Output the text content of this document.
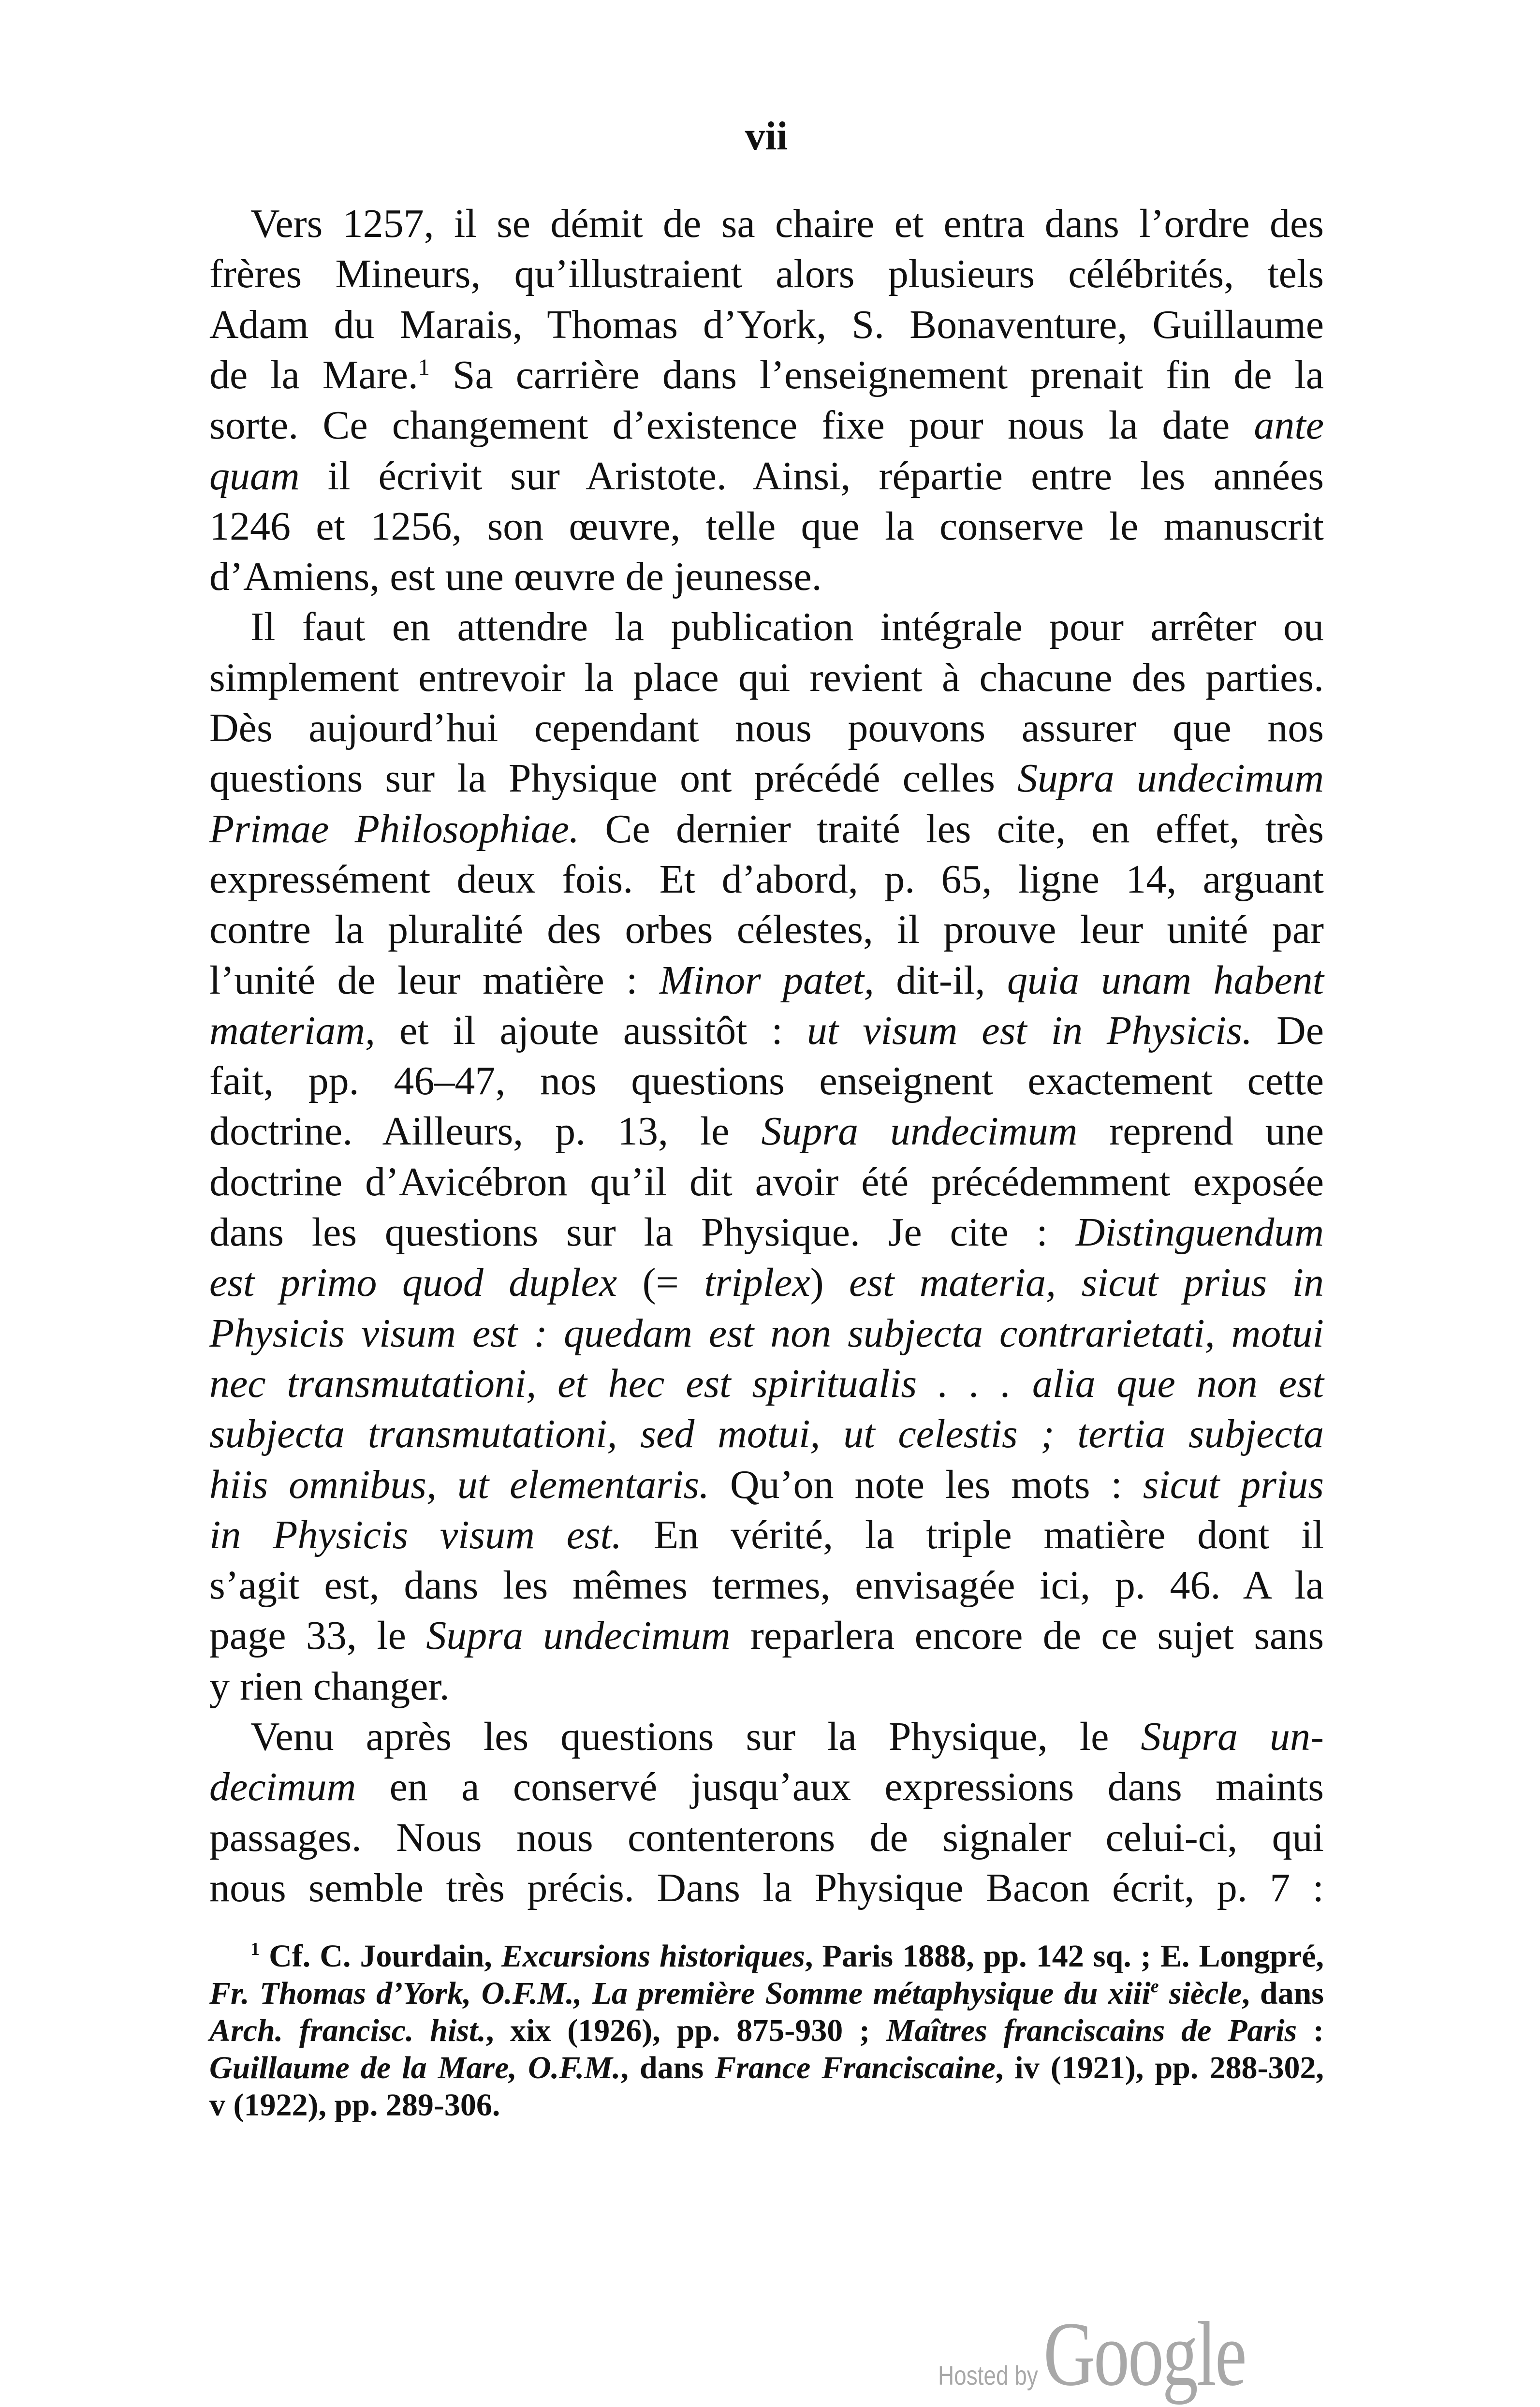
vii
Vers 1257, il se démit de sa chaire et entra dans l’ordre des
frères Mineurs, qu’illustraient alors plusieurs célébrités, tels
Adam du Marais, Thomas d’York, S. Bonaventure, Guillaume
de la Mare.$^1$ Sa carrière dans l’enseignement prenait fin de la
sorte. Ce changement d’existence fixe pour nous la date ante
quam il écrivit sur Aristote. Ainsi, répartie entre les années
1246 et 1256, son œuvre, telle que la conserve le manuscrit
d’Amiens, est une œuvre de jeunesse.
Il faut en attendre la publication intégrale pour arrêter ou
simplement entrevoir la place qui revient à chacune des parties.
Dès aujourd’hui cependant nous pouvons assurer que nos
questions sur la Physique ont précédé celles Supra undecimum
Primae Philosophiae. Ce dernier traité les cite, en effet, très
expressément deux fois. Et d’abord, p. 65, ligne 14, arguant
contre la pluralité des orbes célestes, il prouve leur unité par
l’unité de leur matière : Minor patet, dit-il, quia unam habent
materiam, et il ajoute aussitôt : ut visum est in Physicis. De
fait, pp. 46–47, nos questions enseignent exactement cette
doctrine. Ailleurs, p. 13, le Supra undecimum reprend une
doctrine d’Avicébron qu’il dit avoir été précédemment exposée
dans les questions sur la Physique. Je cite : Distinguendum
est primo quod duplex (= triplex) est materia, sicut prius in
Physicis visum est : quedam est non subjecta contrarietati, motui
nec transmutationi, et hec est spiritualis . . . alia que non est
subjecta transmutationi, sed motui, ut celestis ; tertia subjecta
hiis omnibus, ut elementaris. Qu’on note les mots : sicut prius
in Physicis visum est. En vérité, la triple matière dont il
s’agit est, dans les mêmes termes, envisagée ici, p. 46. A la
page 33, le Supra undecimum reparlera encore de ce sujet sans
y rien changer.
Venu après les questions sur la Physique, le Supra un-
decimum en a conservé jusqu’aux expressions dans maints
passages. Nous nous contenterons de signaler celui-ci, qui
nous semble très précis. Dans la Physique Bacon écrit, p. 7 :
$^1$ Cf. C. Jourdain, Excursions historiques, Paris 1888, pp. 142 sq. ; E. Longpré,
Fr. Thomas d’York, O.F.M., La première Somme métaphysique du xiii$^e$ siècle, dans
Arch. francisc. hist., xix (1926), pp. 875-930 ; Maîtres franciscains de Paris :
Guillaume de la Mare, O.F.M., dans France Franciscaine, iv (1921), pp. 288-302,
v (1922), pp. 289-306.
Hosted by Google
